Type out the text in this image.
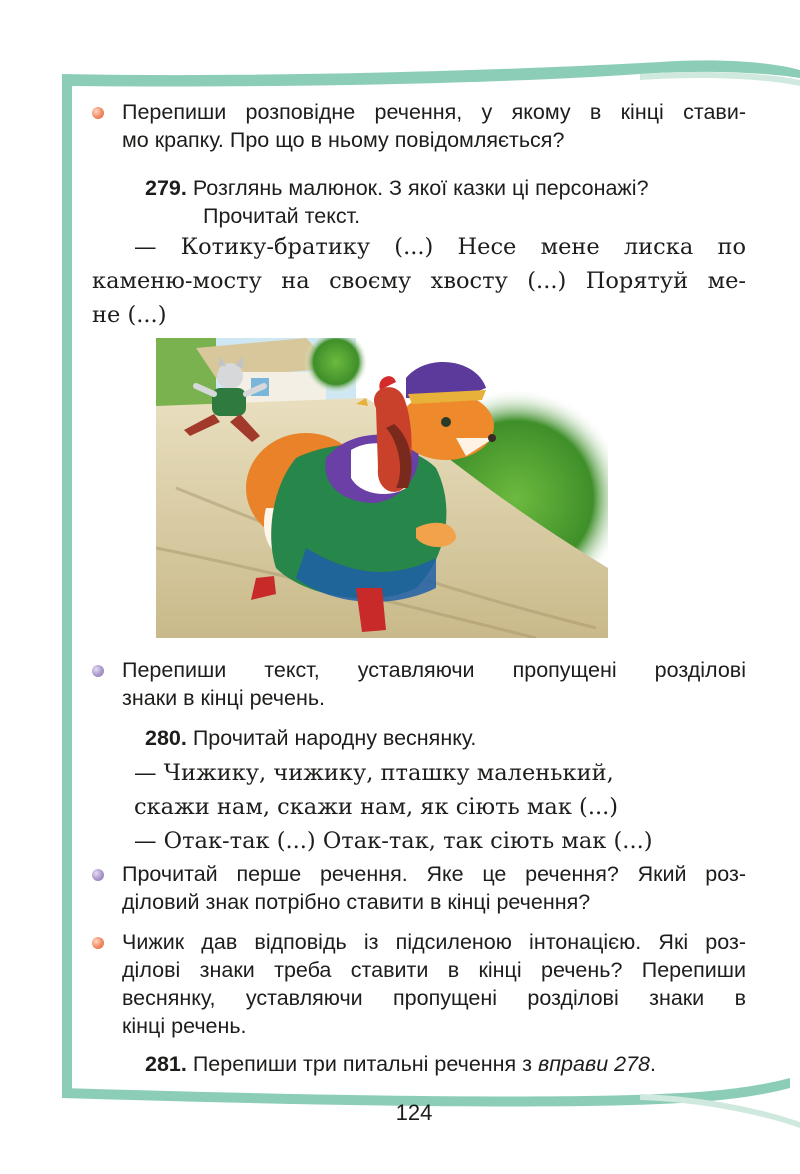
Перепиши розповідне речення, у якому в кінці стави-
мо крапку. Про що в ньому повідомляється?
279. Розглянь малюнок. З якої казки ці персонажі?
Прочитай текст.
— Котику-братику (...) Несе мене лиска по
каменю-мосту на своєму хвосту (...) Порятуй ме-
не (...)
Перепиши текст, уставляючи пропущені розділові
знаки в кінці речень.
280. Прочитай народну веснянку.
— Чижику, чижику, пташку маленький,
скажи нам, скажи нам, як сіють мак (...)
— Отак-так (...) Отак-так, так сіють мак (...)
Прочитай перше речення. Яке це речення? Який роз-
діловий знак потрібно ставити в кінці речення?
Чижик дав відповідь із підсиленою інтонацією. Які роз-
ділові знаки треба ставити в кінці речень? Перепиши
веснянку, уставляючи пропущені розділові знаки в
кінці речень.
281. Перепиши три питальні речення з вправи 278.
124
